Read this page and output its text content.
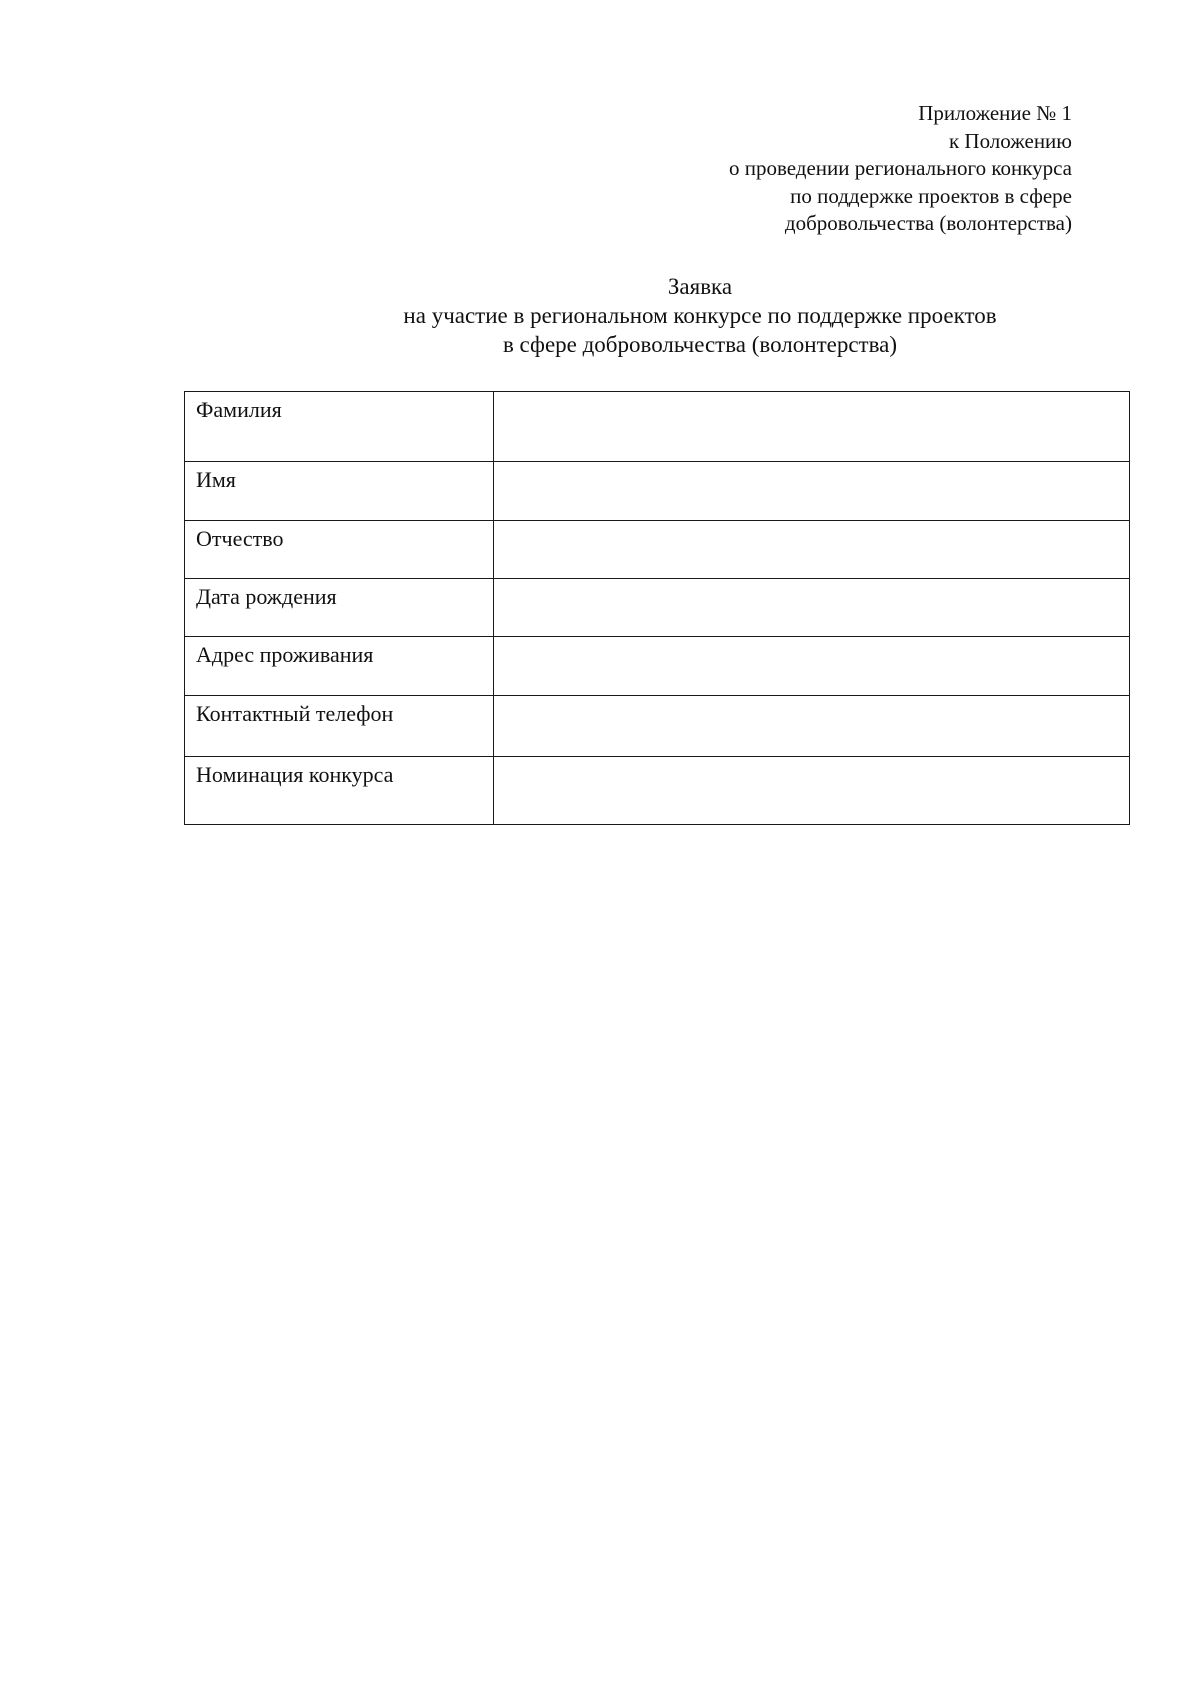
Приложение № 1
к Положению
о проведении регионального конкурса
по поддержке проектов в сфере
добровольчества (волонтерства)
Заявка
на участие в региональном конкурсе по поддержке проектов
в сфере добровольчества (волонтерства)
Фамилия	
Имя	
Отчество	
Дата рождения	
Адрес проживания	
Контактный телефон	
Номинация конкурса	
